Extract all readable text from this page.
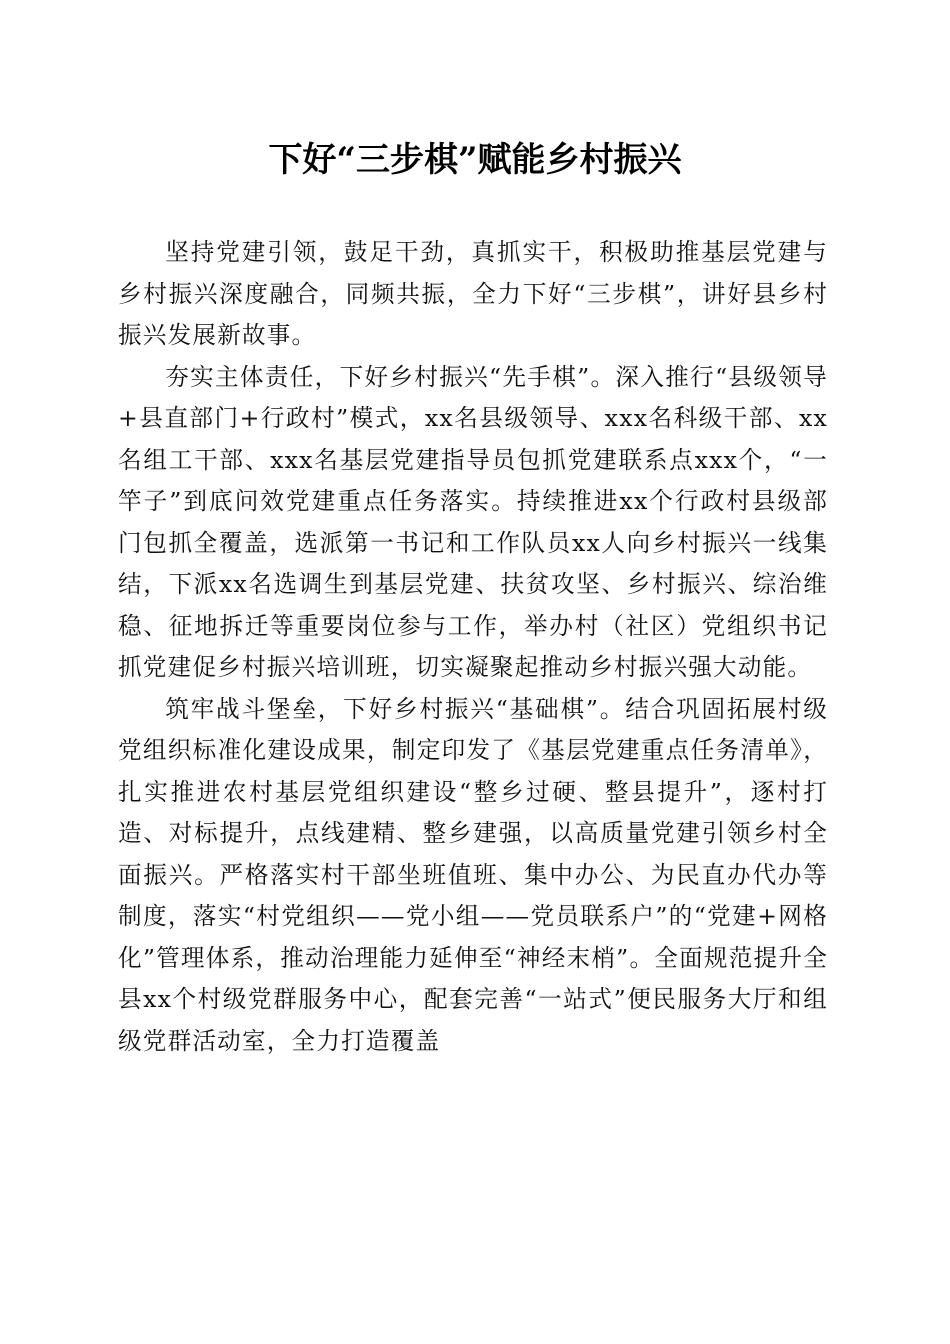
下好“三步棋”赋能乡村振兴

坚持党建引领，鼓足干劲，真抓实干，积极助推基层党建与乡村振兴深度融合，同频共振，全力下好“三步棋”，讲好县乡村振兴发展新故事。

夯实主体责任，下好乡村振兴“先手棋”。深入推行“县级领导+县直部门+行政村”模式，xx名县级领导、xxx名科级干部、xx名组工干部、xxx名基层党建指导员包抓党建联系点xxx个，“一竿子”到底问效党建重点任务落实。持续推进xx个行政村县级部门包抓全覆盖，选派第一书记和工作队员xx人向乡村振兴一线集结，下派xx名选调生到基层党建、扶贫攻坚、乡村振兴、综治维稳、征地拆迁等重要岗位参与工作，举办村（社区）党组织书记抓党建促乡村振兴培训班，切实凝聚起推动乡村振兴强大动能。

筑牢战斗堡垒，下好乡村振兴“基础棋”。结合巩固拓展村级党组织标准化建设成果，制定印发了《基层党建重点任务清单》，扎实推进农村基层党组织建设“整乡过硬、整县提升”，逐村打造、对标提升，点线建精、整乡建强，以高质量党建引领乡村全面振兴。严格落实村干部坐班值班、集中办公、为民直办代办等制度，落实“村党组织——党小组——党员联系户”的“党建+网格化”管理体系，推动治理能力延伸至“神经末梢”。全面规范提升全县xx个村级党群服务中心，配套完善“一站式”便民服务大厅和组级党群活动室，全力打造覆盖
